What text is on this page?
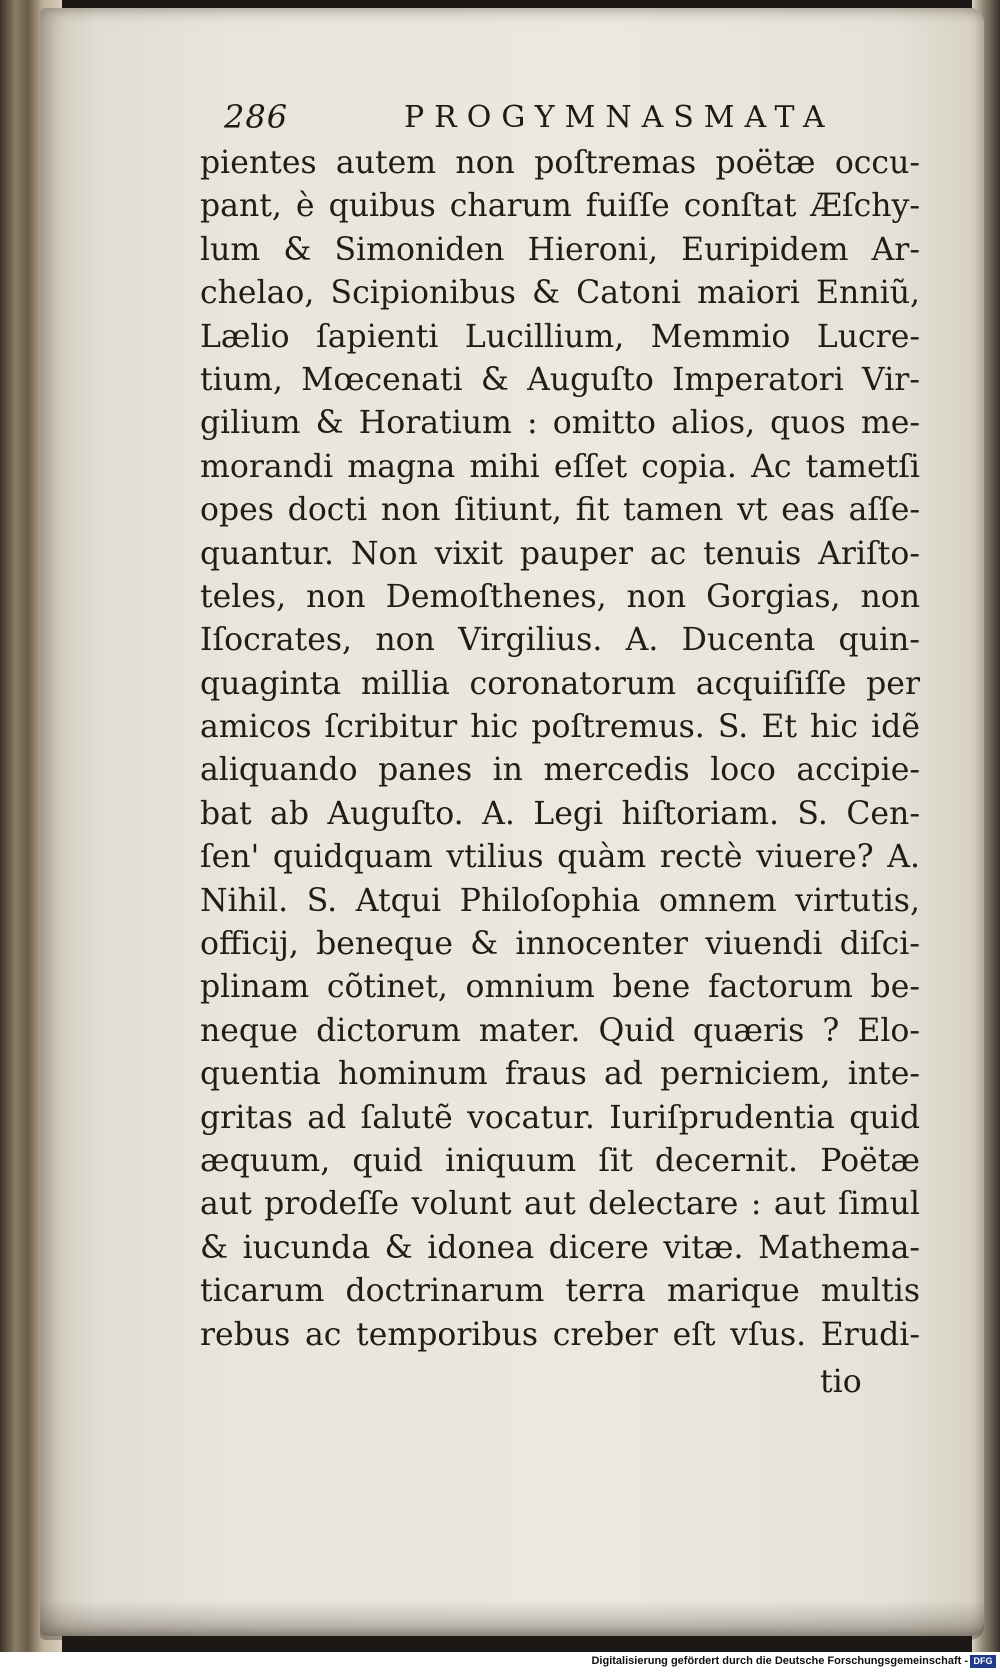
286	PROGYMNASMATA
pientes autem non poſtremas poëtæ occu-
pant, è quibus charum fuiſſe conſtat Æſchy-
lum & Simoniden Hieroni, Euripidem Ar-
chelao, Scipionibus & Catoni maiori Enniũ,
Lælio ſapienti Lucillium, Memmio Lucre-
tium, Mœcenati & Auguſto Imperatori Vir-
gilium & Horatium : omitto alios, quos me-
morandi magna mihi eſſet copia. Ac tametſi
opes docti non ſitiunt, fit tamen vt eas aſſe-
quantur. Non vixit pauper ac tenuis Ariſto-
teles, non Demoſthenes, non Gorgias, non
Iſocrates, non Virgilius. A. Ducenta quin-
quaginta millia coronatorum acquiſiſſe per
amicos ſcribitur hic poſtremus. S. Et hic idẽ
aliquando panes in mercedis loco accipie-
bat ab Auguſto. A. Legi hiſtoriam. S. Cen-
ſen' quidquam vtilius quàm rectè viuere? A.
Nihil. S. Atqui Philoſophia omnem virtutis,
officij, beneque & innocenter viuendi diſci-
plinam cõtinet, omnium bene factorum be-
neque dictorum mater. Quid quæris ? Elo-
quentia hominum fraus ad perniciem, inte-
gritas ad ſalutẽ vocatur. Iuriſprudentia quid
æquum, quid iniquum ſit decernit. Poëtæ
aut prodeſſe volunt aut delectare : aut ſimul
& iucunda & idonea dicere vitæ. Mathema-
ticarum doctrinarum terra marique multis
rebus ac temporibus creber eſt vſus. Erudi-
tio
Digitalisierung gefördert durch die Deutsche Forschungsgemeinschaft - DFG
